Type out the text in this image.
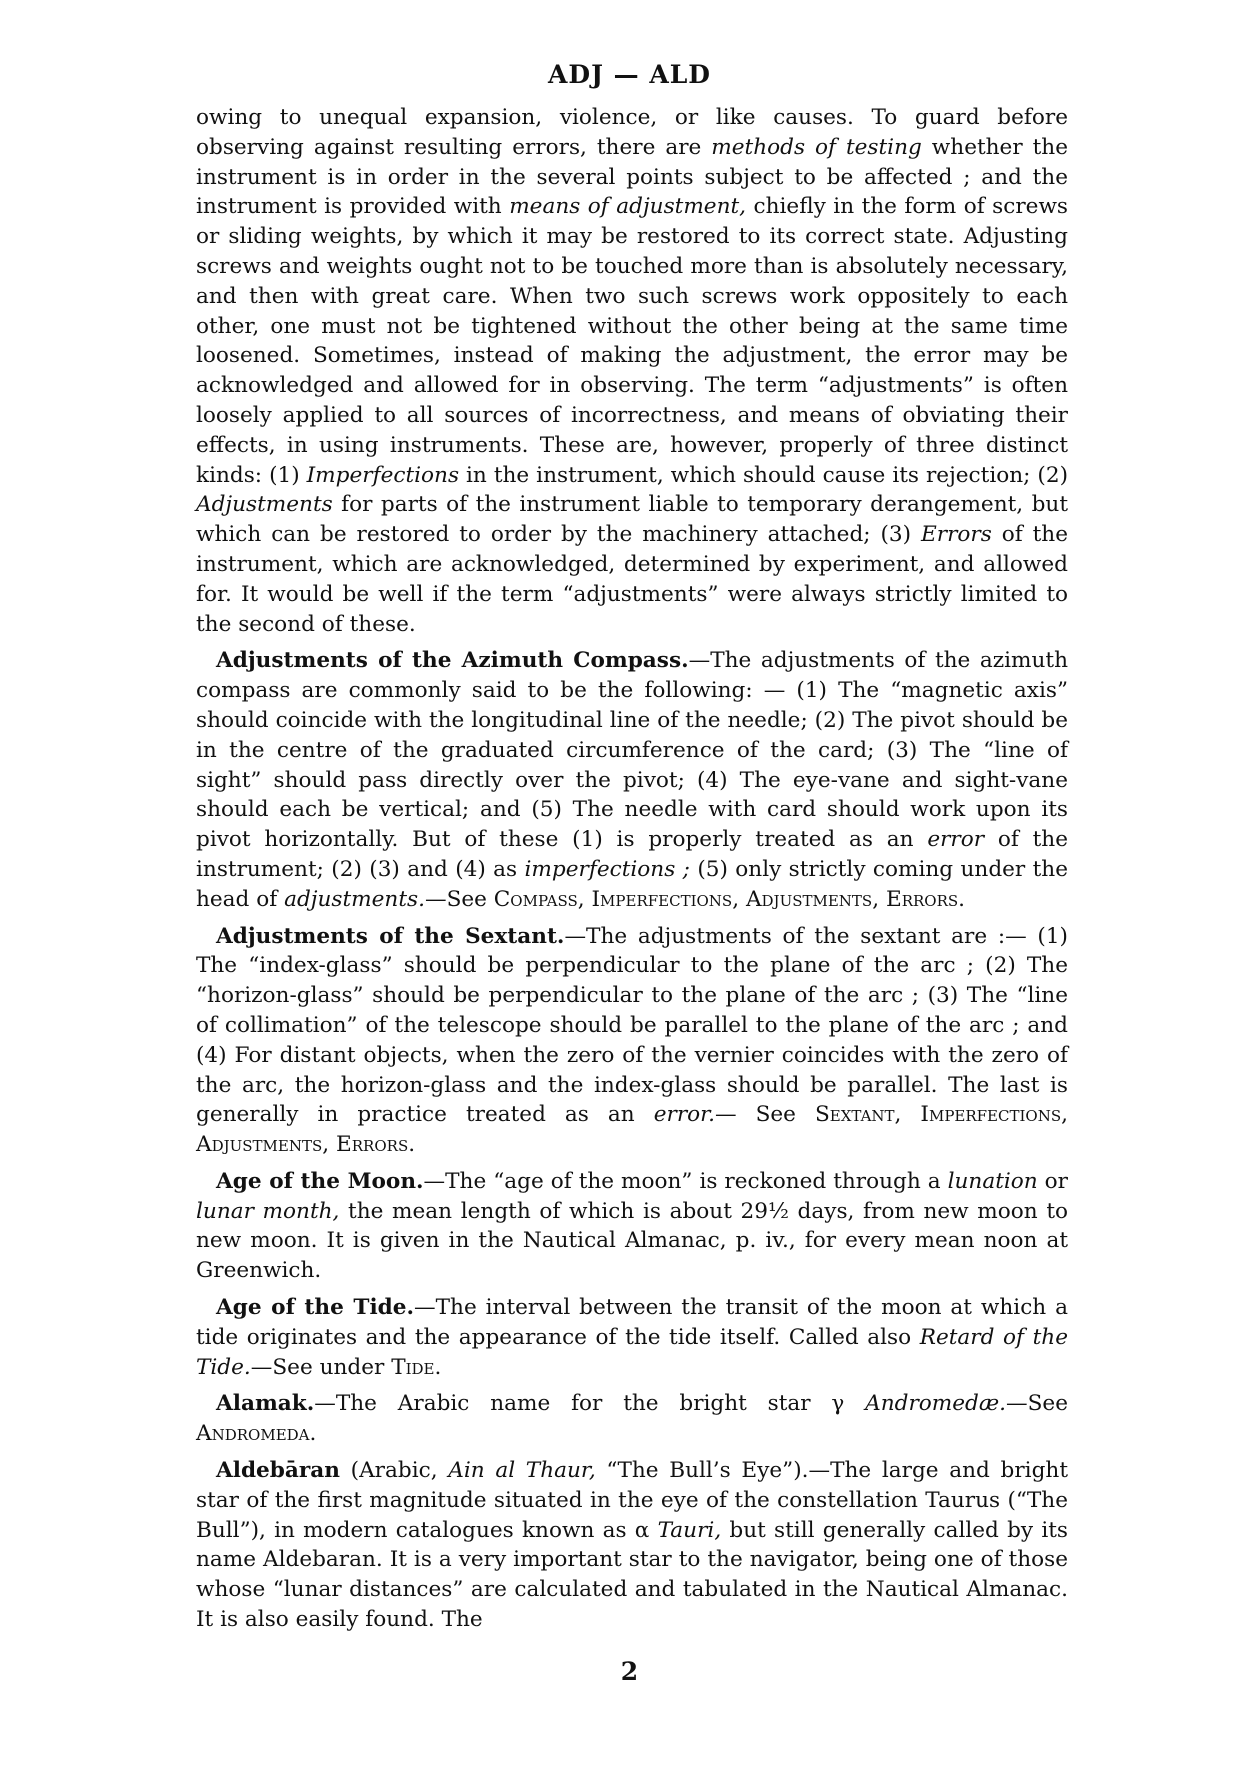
ADJ — ALD

owing to unequal expansion, violence, or like causes. To guard before observing against resulting errors, there are methods of testing whether the instrument is in order in the several points subject to be affected ; and the instrument is provided with means of adjustment, chiefly in the form of screws or sliding weights, by which it may be restored to its correct state. Adjusting screws and weights ought not to be touched more than is absolutely necessary, and then with great care. When two such screws work oppositely to each other, one must not be tightened without the other being at the same time loosened. Sometimes, instead of making the adjustment, the error may be acknowledged and allowed for in observing. The term “adjustments” is often loosely applied to all sources of incorrectness, and means of obviating their effects, in using instruments. These are, however, properly of three distinct kinds: (1) Imperfections in the instrument, which should cause its rejection; (2) Adjustments for parts of the instrument liable to temporary derangement, but which can be restored to order by the machinery attached; (3) Errors of the instrument, which are acknowledged, determined by experiment, and allowed for. It would be well if the term “adjustments” were always strictly limited to the second of these.

Adjustments of the Azimuth Compass.—The adjustments of the azimuth compass are commonly said to be the following: — (1) The “magnetic axis” should coincide with the longitudinal line of the needle; (2) The pivot should be in the centre of the graduated circumference of the card; (3) The “line of sight” should pass directly over the pivot; (4) The eye-vane and sight-vane should each be vertical; and (5) The needle with card should work upon its pivot horizontally. But of these (1) is properly treated as an error of the instrument; (2) (3) and (4) as imperfections ; (5) only strictly coming under the head of adjustments.—See Compass, Imperfections, Adjustments, Errors.

Adjustments of the Sextant.—The adjustments of the sextant are :— (1) The “index-glass” should be perpendicular to the plane of the arc ; (2) The “horizon-glass” should be perpendicular to the plane of the arc ; (3) The “line of collimation” of the telescope should be parallel to the plane of the arc ; and (4) For distant objects, when the zero of the vernier coincides with the zero of the arc, the horizon-glass and the index-glass should be parallel. The last is generally in practice treated as an error.— See Sextant, Imperfections, Adjustments, Errors.

Age of the Moon.—The “age of the moon” is reckoned through a lunation or lunar month, the mean length of which is about 29½ days, from new moon to new moon. It is given in the Nautical Almanac, p. iv., for every mean noon at Greenwich.

Age of the Tide.—The interval between the transit of the moon at which a tide originates and the appearance of the tide itself. Called also Retard of the Tide.—See under Tide.

Alamak.—The Arabic name for the bright star γ Andromedæ.—See Andromeda.

Aldebāran (Arabic, Ain al Thaur, “The Bull’s Eye”).—The large and bright star of the first magnitude situated in the eye of the constellation Taurus (“The Bull”), in modern catalogues known as α Tauri, but still generally called by its name Aldebaran. It is a very important star to the navigator, being one of those whose “lunar distances” are calculated and tabulated in the Nautical Almanac. It is also easily found. The

2
